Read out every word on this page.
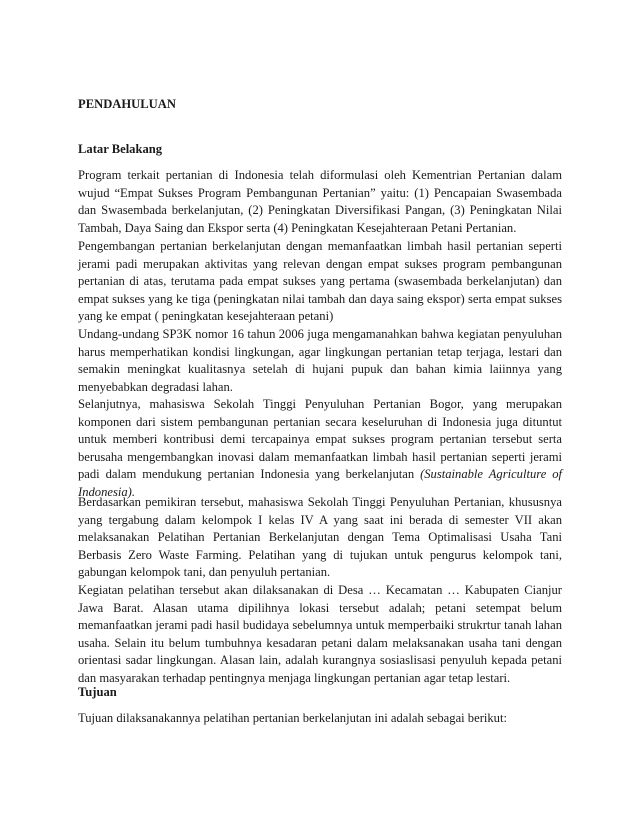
PENDAHULUAN
Latar Belakang

Program terkait pertanian di Indonesia telah diformulasi oleh Kementrian Pertanian dalam wujud “Empat Sukses Program Pembangunan Pertanian” yaitu: (1) Pencapaian Swasembada dan Swasembada berkelanjutan, (2) Peningkatan Diversifikasi Pangan, (3) Peningkatan Nilai Tambah, Daya Saing dan Ekspor serta (4) Peningkatan Kesejahteraan Petani Pertanian.

Pengembangan pertanian berkelanjutan dengan memanfaatkan limbah hasil pertanian seperti jerami padi merupakan aktivitas yang relevan dengan empat sukses program pembangunan pertanian di atas, terutama pada empat sukses yang pertama (swasembada berkelanjutan) dan empat sukses yang ke tiga (peningkatan nilai tambah dan daya saing ekspor) serta empat sukses yang ke empat ( peningkatan kesejahteraan petani)

Undang-undang SP3K nomor 16 tahun 2006 juga mengamanahkan bahwa kegiatan penyuluhan harus memperhatikan kondisi lingkungan, agar lingkungan pertanian tetap terjaga, lestari dan semakin meningkat kualitasnya setelah di hujani pupuk dan bahan kimia laiinnya yang menyebabkan degradasi lahan.

Selanjutnya, mahasiswa Sekolah Tinggi Penyuluhan Pertanian Bogor, yang merupakan komponen dari sistem pembangunan pertanian secara keseluruhan di Indonesia juga dituntut untuk memberi kontribusi demi tercapainya empat sukses program pertanian tersebut serta berusaha mengembangkan inovasi dalam memanfaatkan limbah hasil pertanian seperti jerami padi dalam mendukung pertanian Indonesia yang berkelanjutan (Sustainable Agriculture of Indonesia).

Berdasarkan pemikiran tersebut, mahasiswa Sekolah Tinggi Penyuluhan Pertanian, khususnya yang tergabung dalam kelompok I kelas IV A yang saat ini berada di semester VII akan melaksanakan Pelatihan Pertanian Berkelanjutan dengan Tema Optimalisasi Usaha Tani Berbasis Zero Waste Farming. Pelatihan yang di tujukan untuk pengurus kelompok tani, gabungan kelompok tani, dan penyuluh pertanian.

Kegiatan pelatihan tersebut akan dilaksanakan di Desa … Kecamatan … Kabupaten Cianjur Jawa Barat. Alasan utama dipilihnya lokasi tersebut adalah; petani setempat belum memanfaatkan jerami padi hasil budidaya sebelumnya untuk memperbaiki strukrtur tanah lahan usaha. Selain itu belum tumbuhnya kesadaran petani dalam melaksanakan usaha tani dengan orientasi sadar lingkungan. Alasan lain, adalah kurangnya sosiaslisasi penyuluh kepada petani dan masyarakan terhadap pentingnya menjaga lingkungan pertanian agar tetap lestari.

Tujuan

Tujuan dilaksanakannya pelatihan pertanian berkelanjutan ini adalah sebagai berikut:
